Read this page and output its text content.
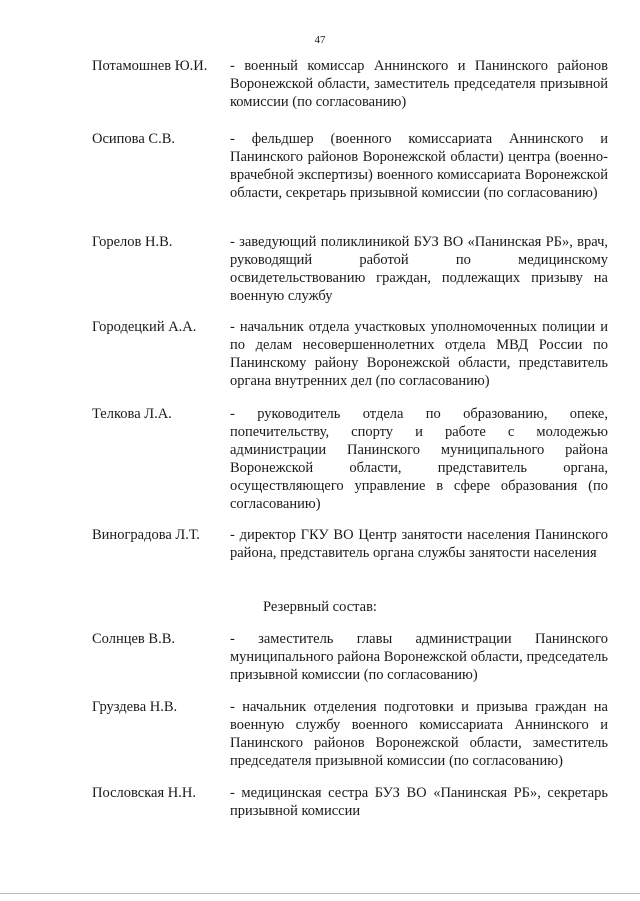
47
Потамошнев Ю.И. - военный комиссар Аннинского и Панинского районов Воронежской области, заместитель председателя призывной комиссии (по согласованию)
Осипова С.В.	- фельдшер (военного комиссариата Аннинского и Панинского районов Воронежской области) центра (военно-врачебной экспертизы) военного комиссариата Воронежской области, секретарь призывной комиссии (по согласованию)
Горелов Н.В.	- заведующий поликлиникой БУЗ ВО «Панинская РБ», врач, руководящий работой по медицинскому освидетельствованию граждан, подлежащих призыву на военную службу
Городецкий А.А. - начальник отдела участковых уполномоченных полиции и по делам несовершеннолетних отдела МВД России по Панинскому району Воронежской области, представитель органа внутренних дел (по согласованию)
Телкова Л.А.	- руководитель отдела по образованию, опеке, попечительству, спорту и работе с молодежью администрации Панинского муниципального района Воронежской области, представитель органа, осуществляющего управление в сфере образования (по согласованию)
Виноградова Л.Т. - директор ГКУ ВО Центр занятости населения Панинского района, представитель органа службы занятости населения
Резервный состав:
Солнцев В.В.	- заместитель главы администрации Панинского муниципального района Воронежской области, председатель призывной комиссии (по согласованию)
Груздева Н.В.	- начальник отделения подготовки и призыва граждан на военную службу военного комиссариата Аннинского и Панинского районов Воронежской области, заместитель председателя призывной комиссии (по согласованию)
Пословская Н.Н. - медицинская сестра БУЗ ВО «Панинская РБ», секретарь призывной комиссии
